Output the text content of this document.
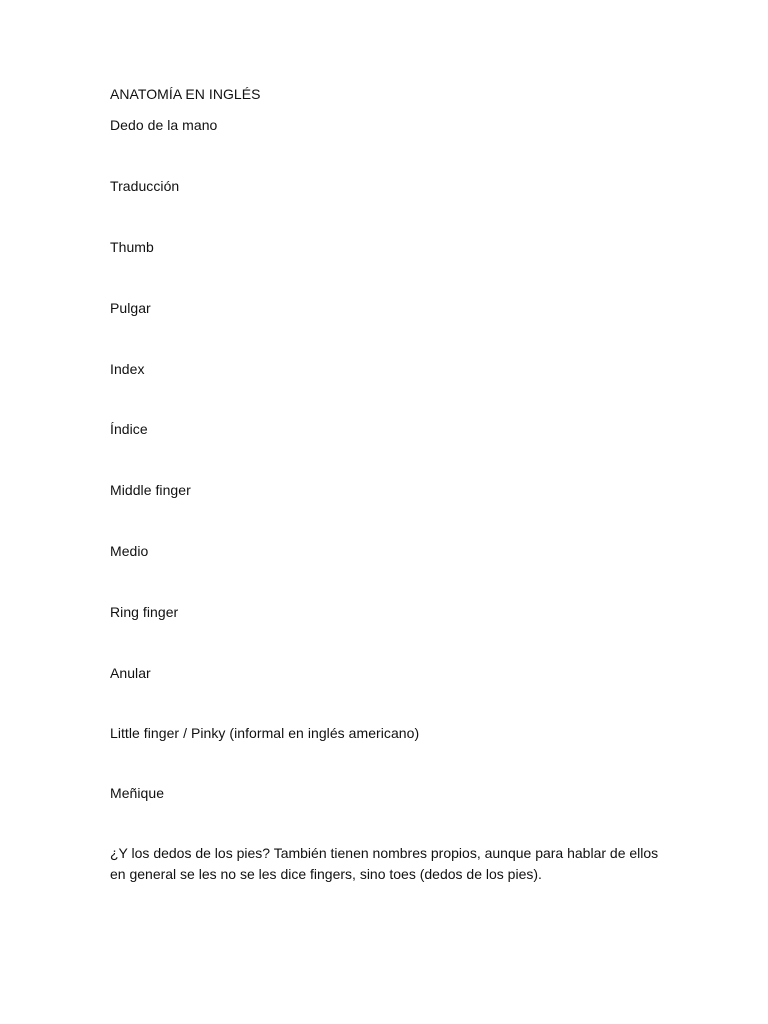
ANATOMÍA EN INGLÉS
Dedo de la mano
Traducción
Thumb
Pulgar
Index
Índice
Middle finger
Medio
Ring finger
Anular
Little finger / Pinky (informal en inglés americano)
Meñique
¿Y los dedos de los pies? También tienen nombres propios, aunque para hablar de ellos en general se les no se les dice fingers, sino toes (dedos de los pies).
